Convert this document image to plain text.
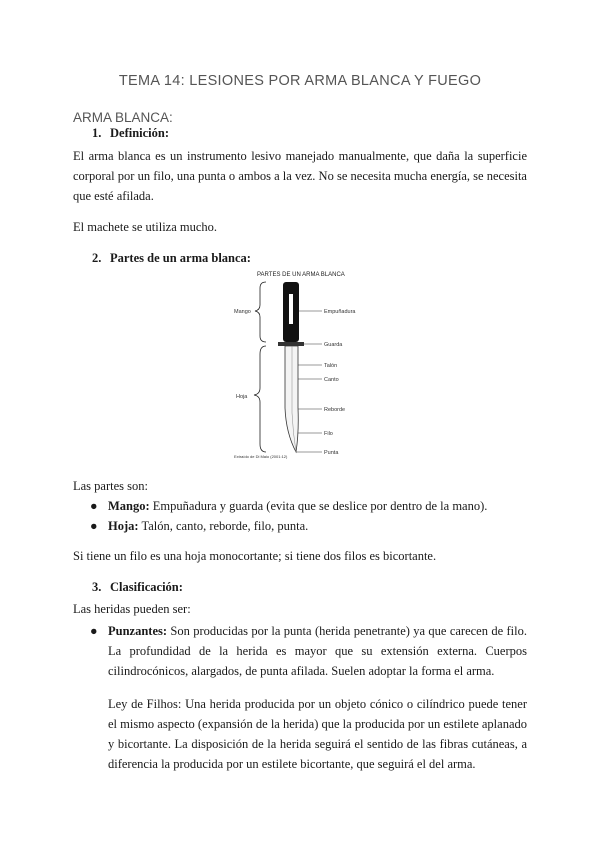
TEMA 14: LESIONES POR ARMA BLANCA Y FUEGO
ARMA BLANCA:
1. Definición:
El arma blanca es un instrumento lesivo manejado manualmente, que daña la superficie corporal por un filo, una punta o ambos a la vez. No se necesita mucha energía, se necesita que esté afilada.
El machete se utiliza mucho.
2. Partes de un arma blanca:
PARTES DE UN ARMA BLANCA
Mango
Hoja
Empuñadura
Guarda
Talón
Canto
Reborde
Filo
Punta
Extraído de Di Maio (2001:12)
Las partes son:
● Mango: Empuñadura y guarda (evita que se deslice por dentro de la mano).
● Hoja: Talón, canto, reborde, filo, punta.
Si tiene un filo es una hoja monocortante; si tiene dos filos es bicortante.
3. Clasificación:
Las heridas pueden ser:
● Punzantes: Son producidas por la punta (herida penetrante) ya que carecen de filo. La profundidad de la herida es mayor que su extensión externa. Cuerpos cilindrocónicos, alargados, de punta afilada. Suelen adoptar la forma el arma.
Ley de Filhos: Una herida producida por un objeto cónico o cilíndrico puede tener el mismo aspecto (expansión de la herida) que la producida por un estilete aplanado y bicortante. La disposición de la herida seguirá el sentido de las fibras cutáneas, a diferencia la producida por un estilete bicortante, que seguirá el del arma.
